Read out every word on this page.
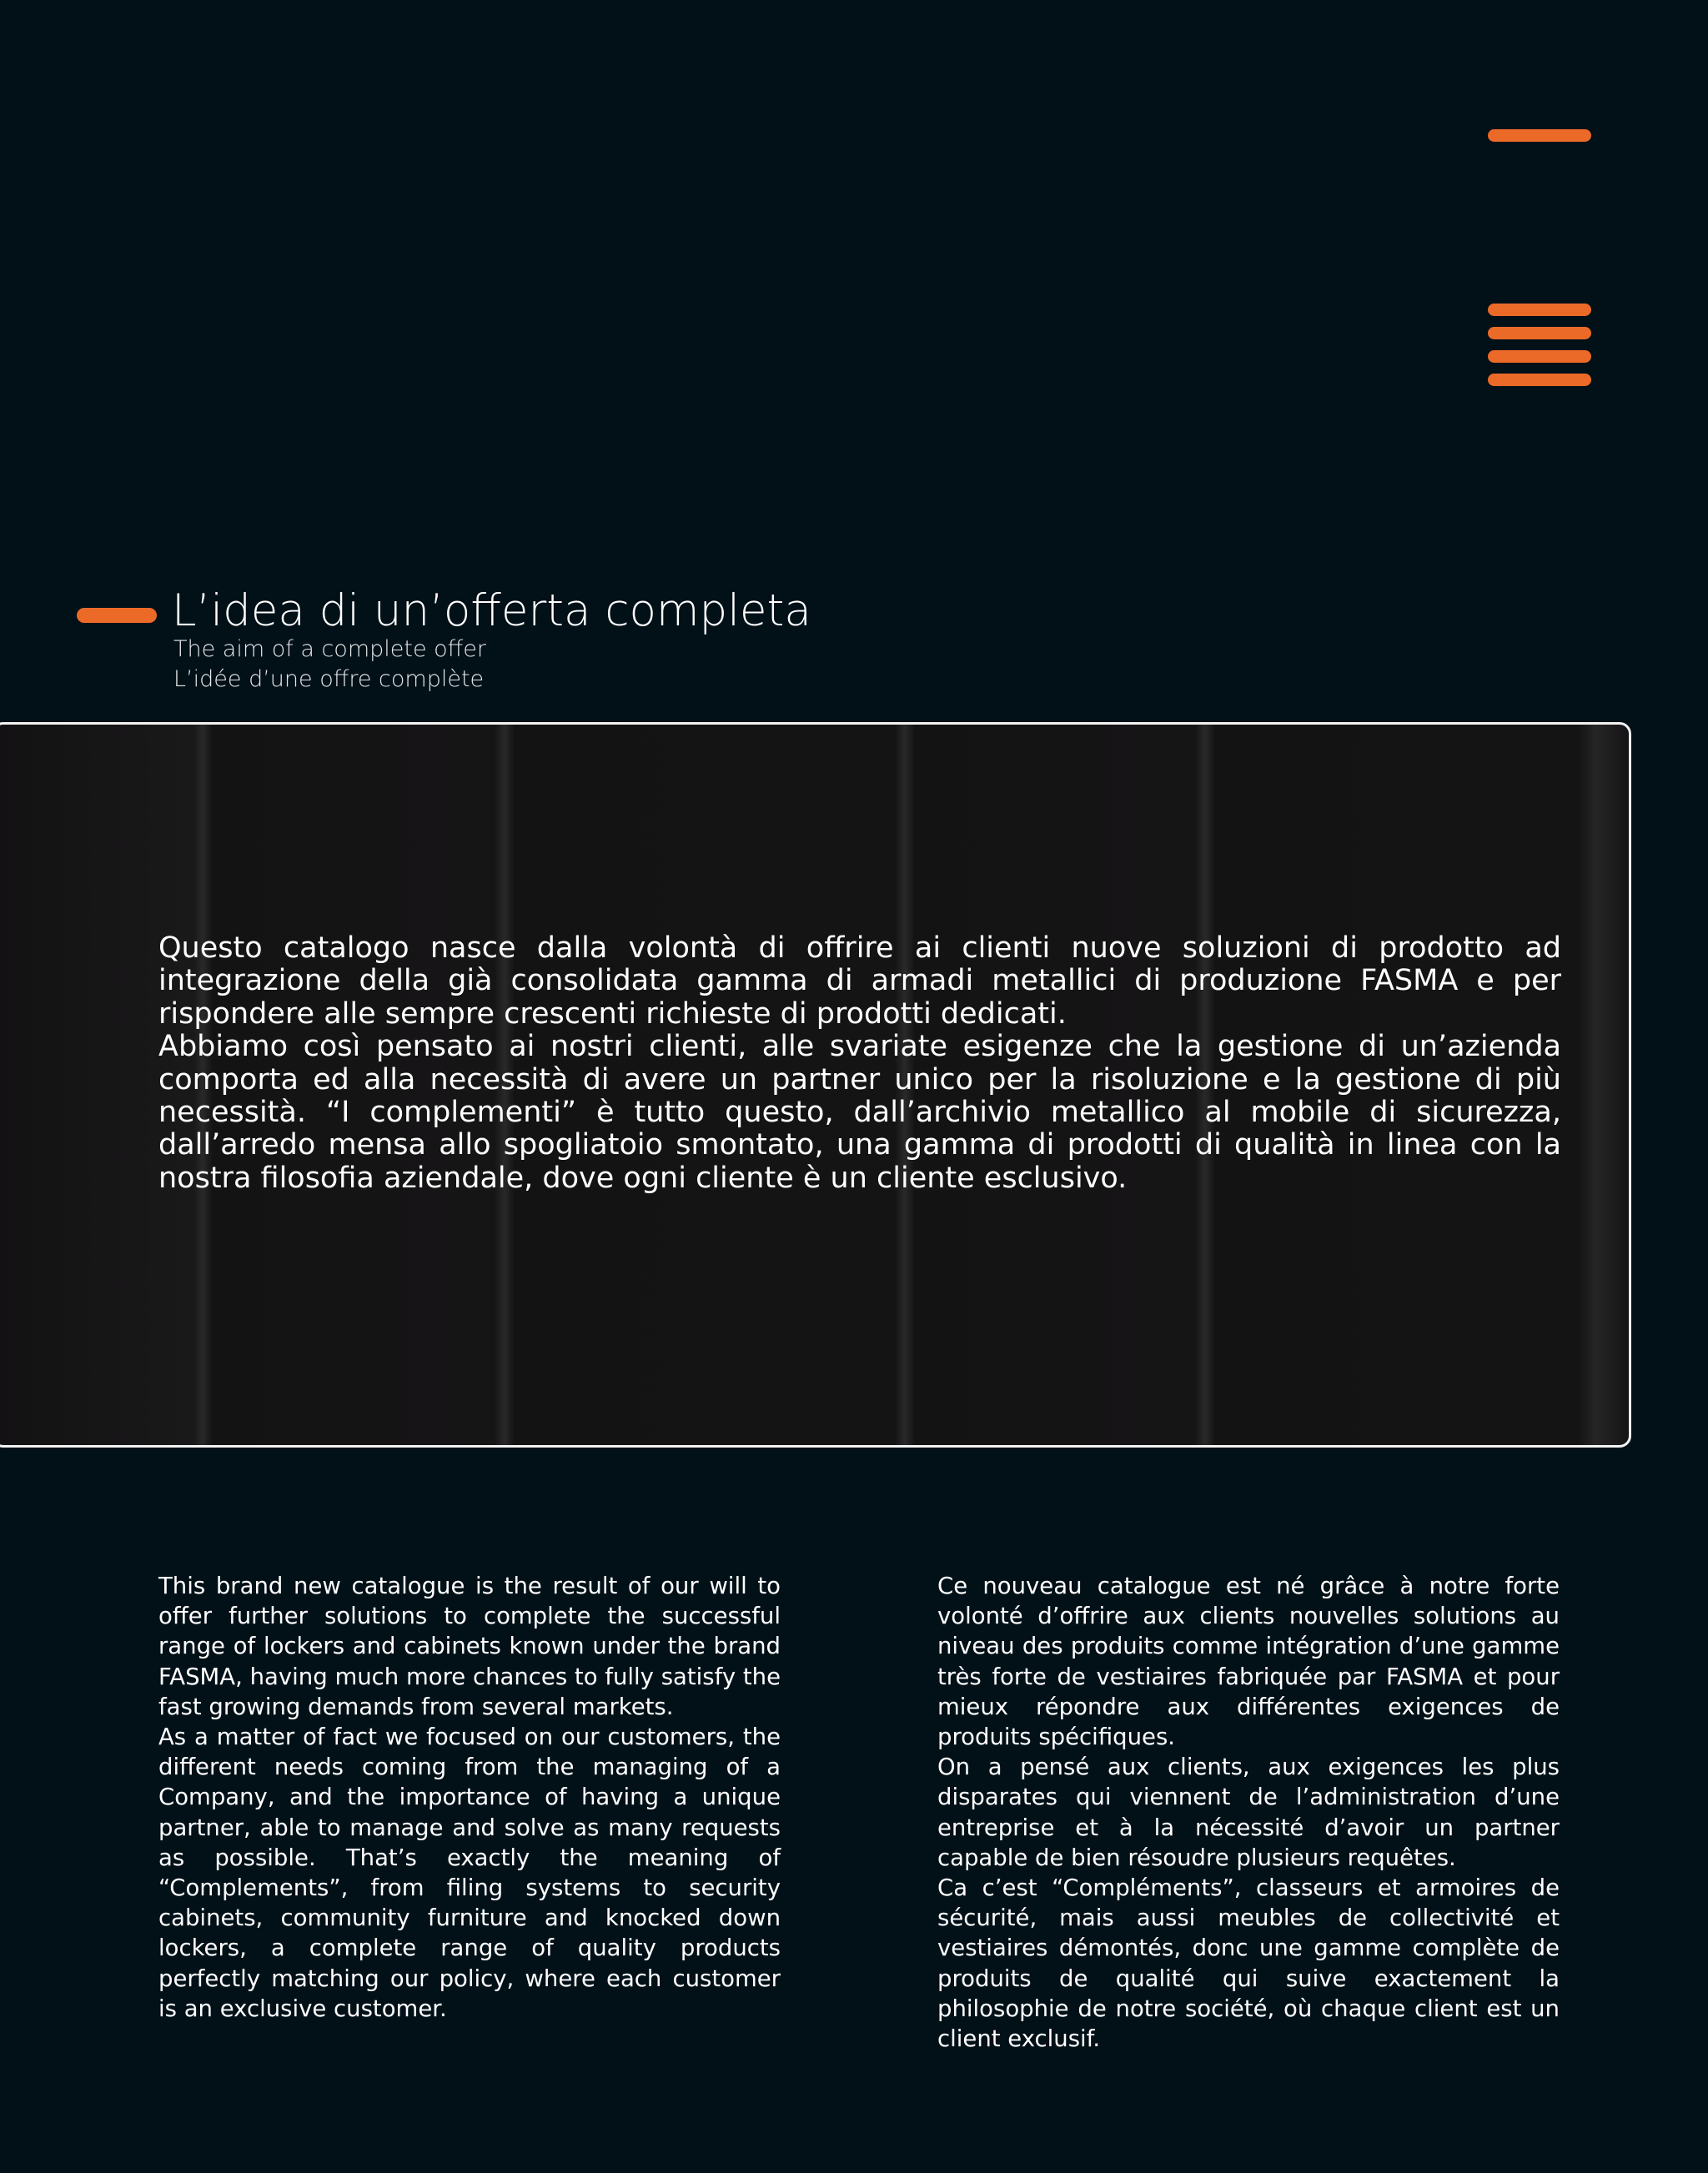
L’idea di un’offerta completa
The aim of a complete offer
L’idée d’une offre complète

Questo catalogo nasce dalla volontà di offrire ai clienti nuove soluzioni di prodotto ad integrazione della già consolidata gamma di armadi metallici di produzione FASMA e per rispondere alle sempre crescenti richieste di prodotti dedicati.

Abbiamo così pensato ai nostri clienti, alle svariate esigenze che la gestione di un’azienda comporta ed alla necessità di avere un partner unico per la risoluzione e la gestione di più necessità. “I complementi” è tutto questo, dall’archivio metallico al mobile di sicurezza, dall’arredo mensa allo spogliatoio smontato, una gamma di prodotti di qualità in linea con la nostra filosofia aziendale, dove ogni cliente è un cliente esclusivo.

This brand new catalogue is the result of our will to offer further solutions to complete the successful range of lockers and cabinets known under the brand FASMA, having much more chances to fully satisfy the fast growing demands from several markets.

As a matter of fact we focused on our customers, the different needs coming from the managing of a Company, and the importance of having a unique partner, able to manage and solve as many requests as possible. That’s exactly the meaning of “Complements”, from filing systems to security cabinets, community furniture and knocked down lockers, a complete range of quality products perfectly matching our policy, where each customer is an exclusive customer.

Ce nouveau catalogue est né grâce à notre forte volonté d’offrire aux clients nouvelles solutions au niveau des produits comme intégration d’une gamme très forte de vestiaires fabriquée par FASMA et pour mieux répondre aux différentes exigences de produits spécifiques.

On a pensé aux clients, aux exigences les plus disparates qui viennent de l’administration d’une entreprise et à la nécessité d’avoir un partner capable de bien résoudre plusieurs requêtes.

Ca c’est “Compléments”, classeurs et armoires de sécurité, mais aussi meubles de collectivité et vestiaires démontés, donc une gamme complète de produits de qualité qui suive exactement la philosophie de notre société, où chaque client est un client exclusif.
